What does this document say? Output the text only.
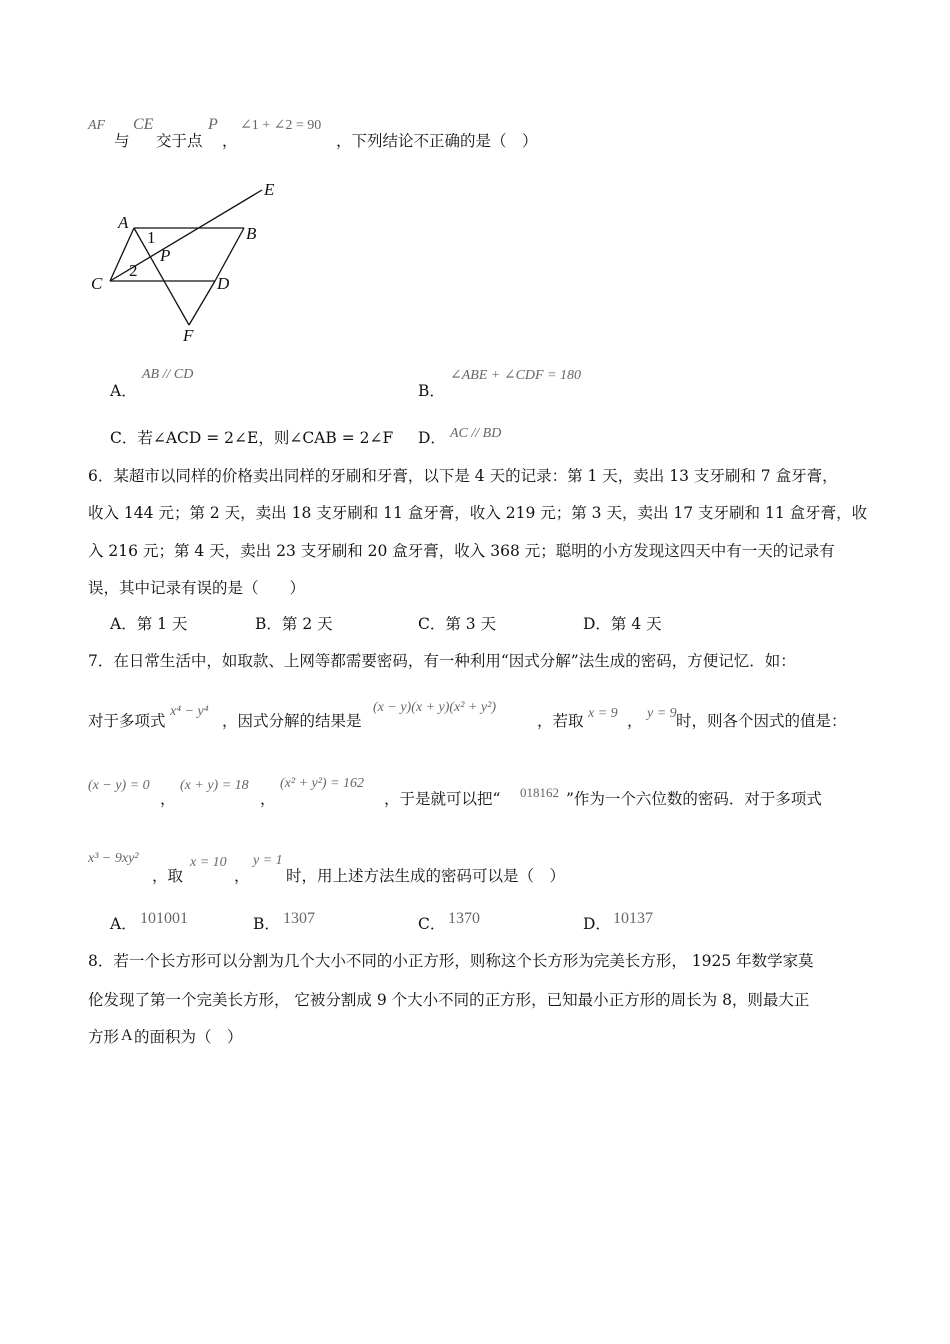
AF
与
CE
交于点
P
，
∠1 + ∠2 = 90
，下列结论不正确的是（　）
A
B
C	D
E
F
P
1
2
A．
AB // CD
B．
∠ABE + ∠CDF = 180
C．若∠ACD = 2∠E，则∠CAB = 2∠F D． AC // BD
6．某超市以同样的价格卖出同样的牙刷和牙膏，以下是 4 天的记录：第 1 天，卖出 13 支牙刷和 7 盒牙膏，
收入 144 元；第 2 天，卖出 18 支牙刷和 11 盒牙膏，收入 219 元；第 3 天，卖出 17 支牙刷和 11 盒牙膏，收
入 216 元；第 4 天，卖出 23 支牙刷和 20 盒牙膏，收入 368 元；聪明的小方发现这四天中有一天的记录有
误，其中记录有误的是（　　）
A．第 1 天	B．第 2 天	C．第 3 天	D．第 4 天
7．在日常生活中，如取款、上网等都需要密码，有一种利用“因式分解”法生成的密码，方便记忆．如：
对于多项式
x⁴ − y⁴
，因式分解的结果是
(x − y)(x + y)(x² + y²)
，若取 x = 9 ， y = 9 时，则各个因式的值是：
(x − y) = 0
，
(x + y) = 18
，
(x² + y²) = 162
，于是就可以把“ 018162 ”作为一个六位数的密码．对于多项式
x³ − 9xy²
，取
x = 10
，
y = 1
时，用上述方法生成的密码可以是（　）
A． 101001	B． 1307	C． 1370	D． 10137
8．若一个长方形可以分割为几个大小不同的小正方形，则称这个长方形为完美长方形， 1925 年数学家莫
伦发现了第一个完美长方形， 它被分割成 9 个大小不同的正方形，已知最小正方形的周长为 8，则最大正
方形 A 的面积为（　）
